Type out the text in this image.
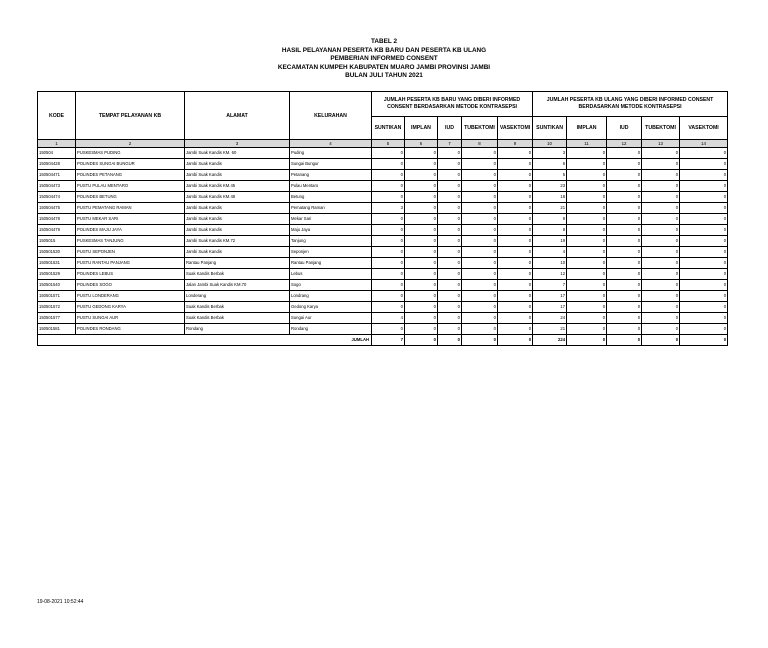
TABEL 2
HASIL PELAYANAN PESERTA KB BARU DAN PESERTA KB ULANG
PEMBERIAN INFORMED CONSENT
KECAMATAN KUMPEH KABUPATEN MUARO JAMBI PROVINSI JAMBI
BULAN JULI TAHUN 2021
KODE	TEMPAT PELAYANAN KB	ALAMAT	KELURAHAN	JUMLAH PESERTA KB BARU YANG DIBERI INFORMED CONSENT BERDASARKAN METODE KONTRASEPSI					JUMLAH PESERTA KB ULANG YANG DIBERI INFORMED CONSENT BERDASARKAN METODE KONTRASEPSI				
				SUNTIKAN	IMPLAN	IUD	TUBEKTOMI	VASEKTOMI	SUNTIKAN	IMPLAN	IUD	TUBEKTOMI	VASEKTOMI
1	2	3	4	5	6	7	8	9	10	11	12	13	14
150504	PUSKESMAS PUDING	Jambi Suak Kandis KM. 60	Puding	0	0	0	0	0	3	0	0	0	0
150504428	POLINDES SUNGAI BUNGUR	Jambi Suak Kandis	Sungai Bungur	0	0	0	0	0	6	0	0	0	0
150504471	POLINDES PETANANG	Jambi Suak Kandis	Petanang	0	0	0	0	0	5	0	0	0	0
150504473	PUSTU PULAU MENTARO	Jambi Suak Kandis KM.45	Pulau Mentaro	0	0	0	0	0	23	0	0	0	0
150504474	POLINDES BETUNG	Jambi Suak Kandis KM.48	Betung	0	0	0	0	0	18	0	0	0	0
150504475	PUSTU PEMATANG RAMAN	Jambi Suak Kandis	Pematang Raman	3	0	0	0	0	21	0	0	0	0
150504478	PUSTU MEKAR SARI	Jambi Suak Kandis	Mekar Sari	0	0	0	0	0	9	0	0	0	0
150504479	POLINDES MAJU JAYA	Jambi Suak Kandis	Maju Jaya	0	0	0	0	0	8	0	0	0	0
1505015	PUSKESMAS TANJUNG	Jambi Suak Kandis KM.72	Tanjung	0	0	0	0	0	19	0	0	0	0
150501530	PUSTU SEPONJEN	Jambi Suak Kandis	Seponjen	0	0	0	0	0	4	0	0	0	0
150501531	PUSTU RANTAU PANJANG	Rantau Panjang	Rantau Panjang	0	0	0	0	0	10	0	0	0	0
150501529	POLINDES LEBUS	Suak Kandis Berbak	Lebus	0	0	0	0	0	12	0	0	0	0
150501540	POLINDES SOGO	Jalan Jambi Suak Kandis KM.70	Sogo	0	0	0	0	0	7	0	0	0	0
150501571	PUSTU LONDERANG	Londerang	Londrang	0	0	0	0	0	17	0	0	0	0
150501572	PUSTU GEDONG KARYA	Suak Kandis Berbak	Gedong Karya	0	0	0	0	0	17	0	0	0	0
150501577	PUSTU SUNGAI AUR	Suak Kandis Berbak	Sungai Aur	4	0	0	0	0	24	0	0	0	0
150501581	POLINDES RONDANG	Rondang	Rondang	0	0	0	0	0	21	0	0	0	0
JUMLAH				7	0	0	0	0	224	0	0	0	0
19-08-2021 10:52:44
